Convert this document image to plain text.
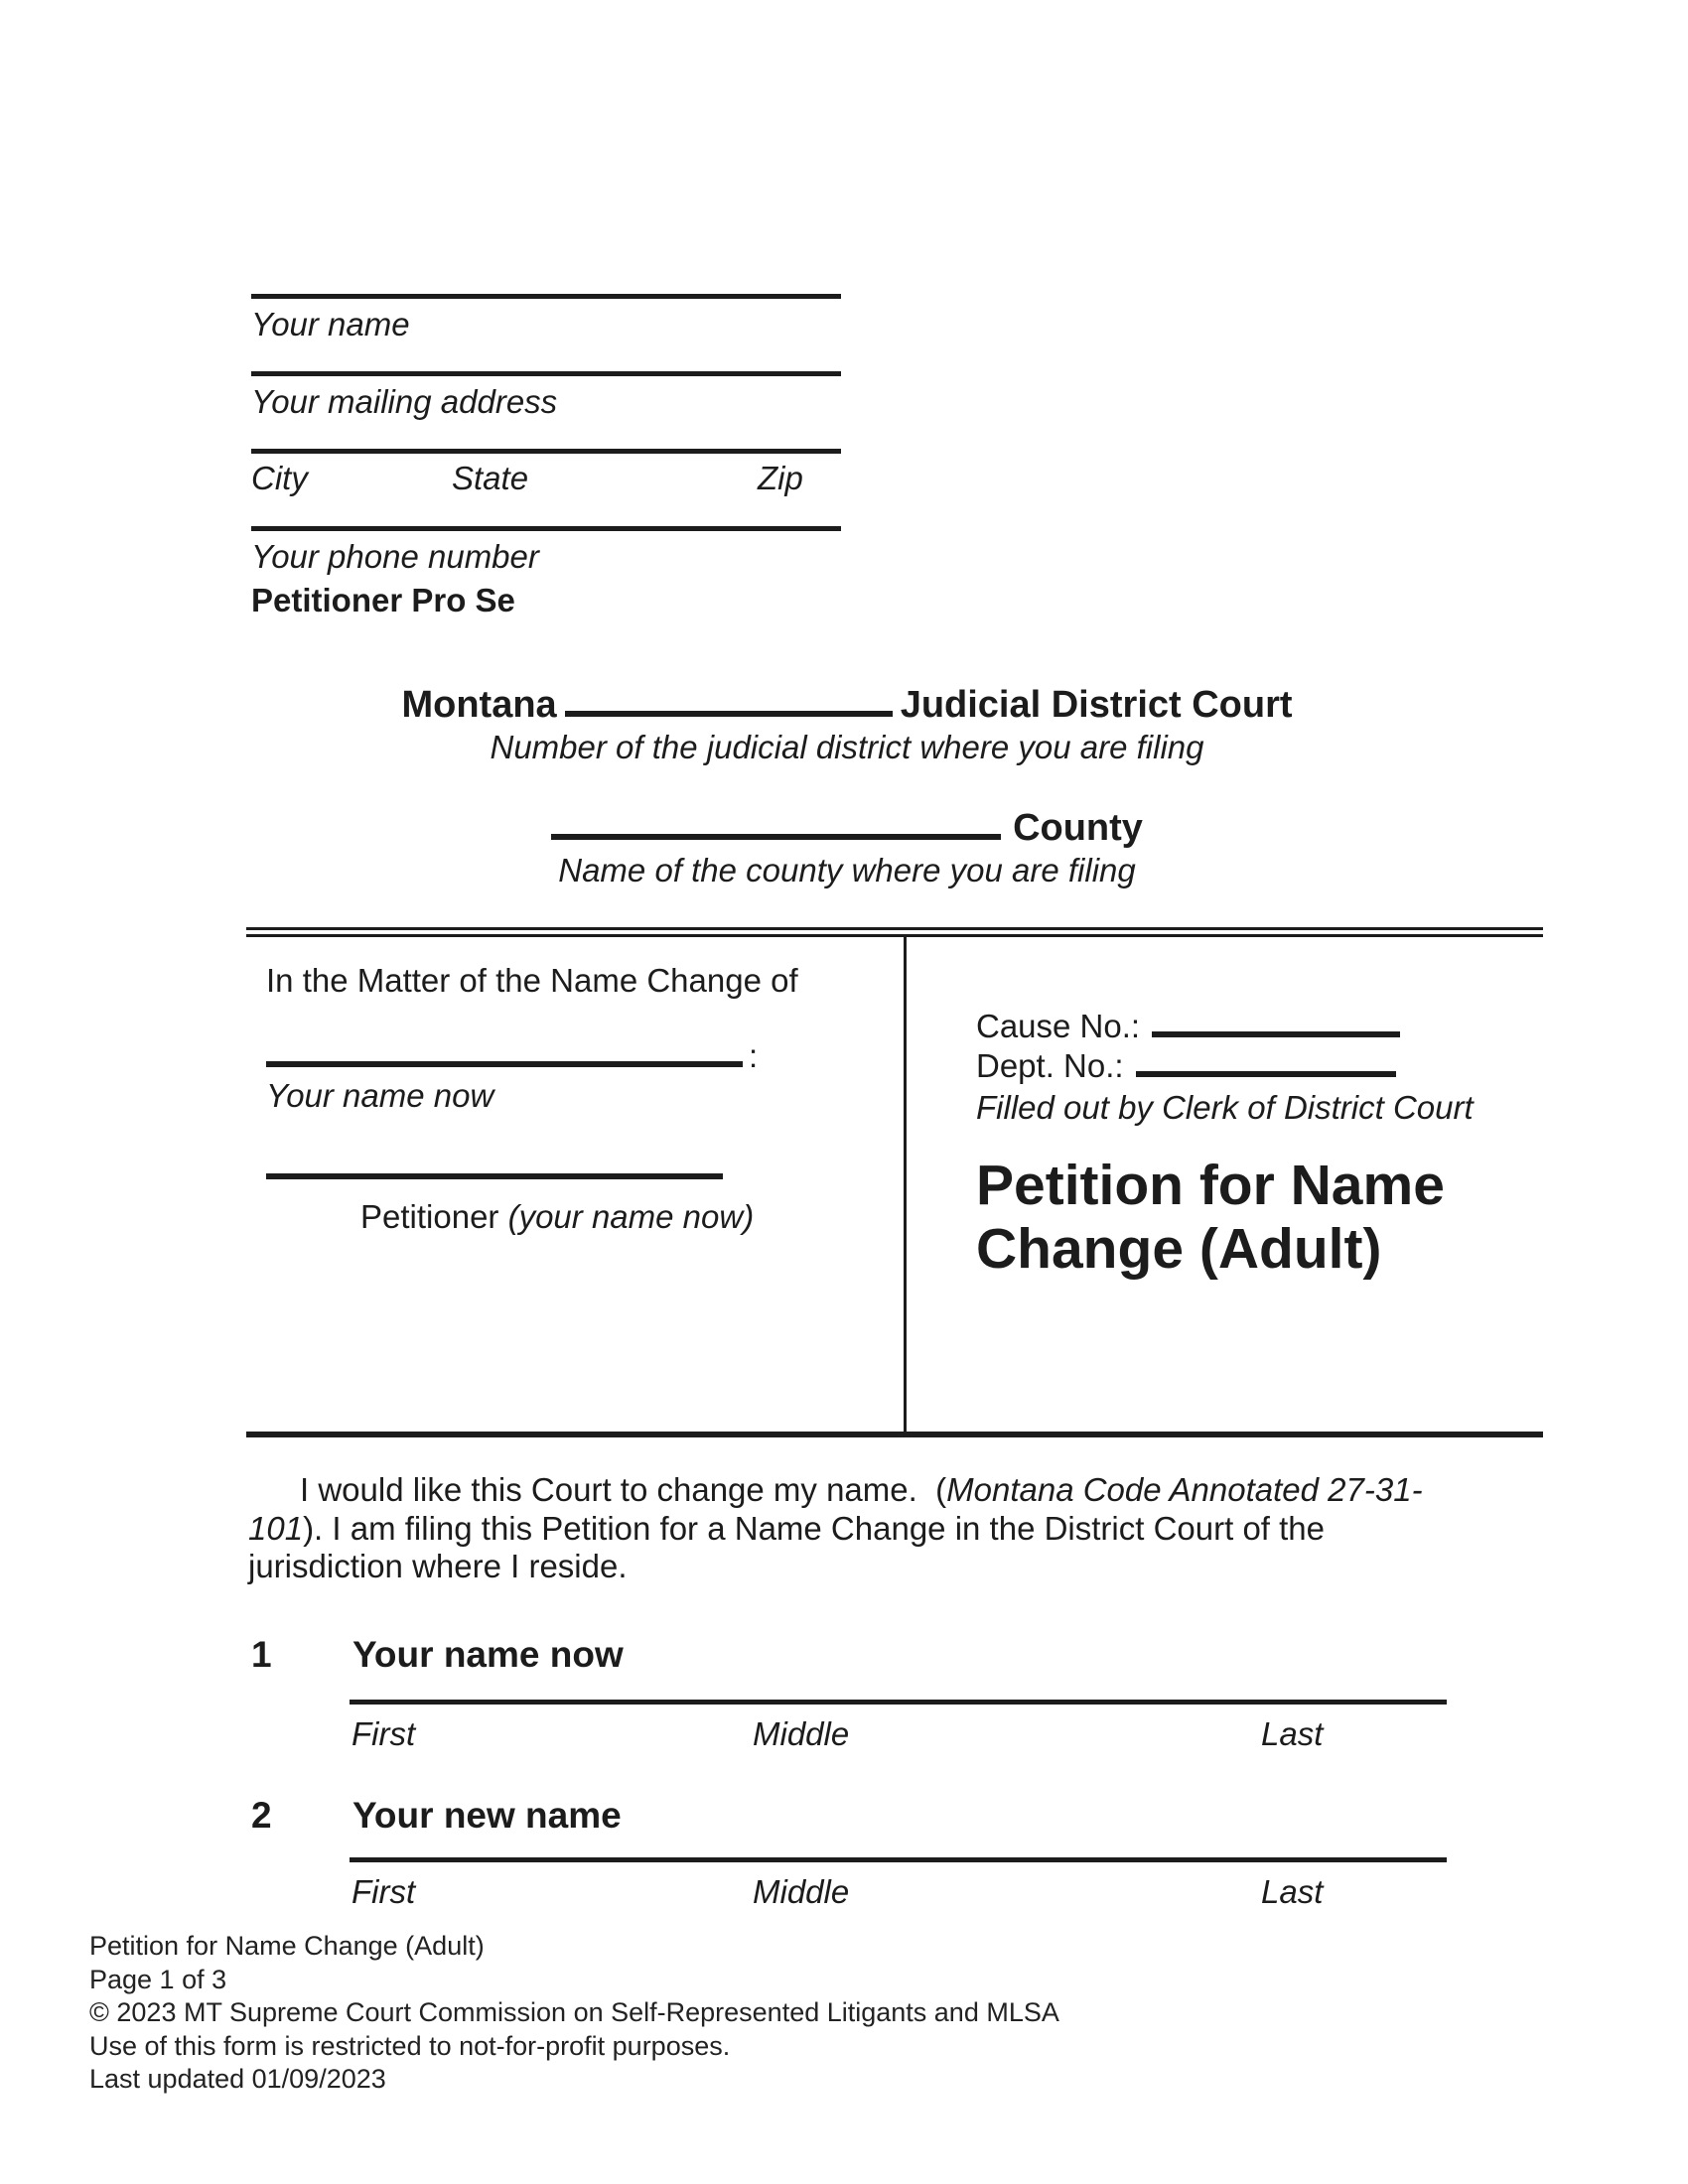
Your name
Your mailing address
City	State	Zip
Your phone number
Petitioner Pro Se
Montana	Judicial District Court
Number of the judicial district where you are filing
County
Name of the county where you are filing
In the Matter of the Name Change of
:
Your name now
Petitioner (your name now)
Cause No.:
Dept. No.:
Filled out by Clerk of District Court
Petition for Name
Change (Adult)
I would like this Court to change my name.  (Montana Code Annotated 27-31-101). I am filing this Petition for a Name Change in the District Court of the jurisdiction where I reside.
1 Your name now
First	Middle	Last
2 Your new name
First	Middle	Last
Petition for Name Change (Adult)
Page 1 of 3
© 2023 MT Supreme Court Commission on Self-Represented Litigants and MLSA
Use of this form is restricted to not-for-profit purposes.
Last updated 01/09/2023
